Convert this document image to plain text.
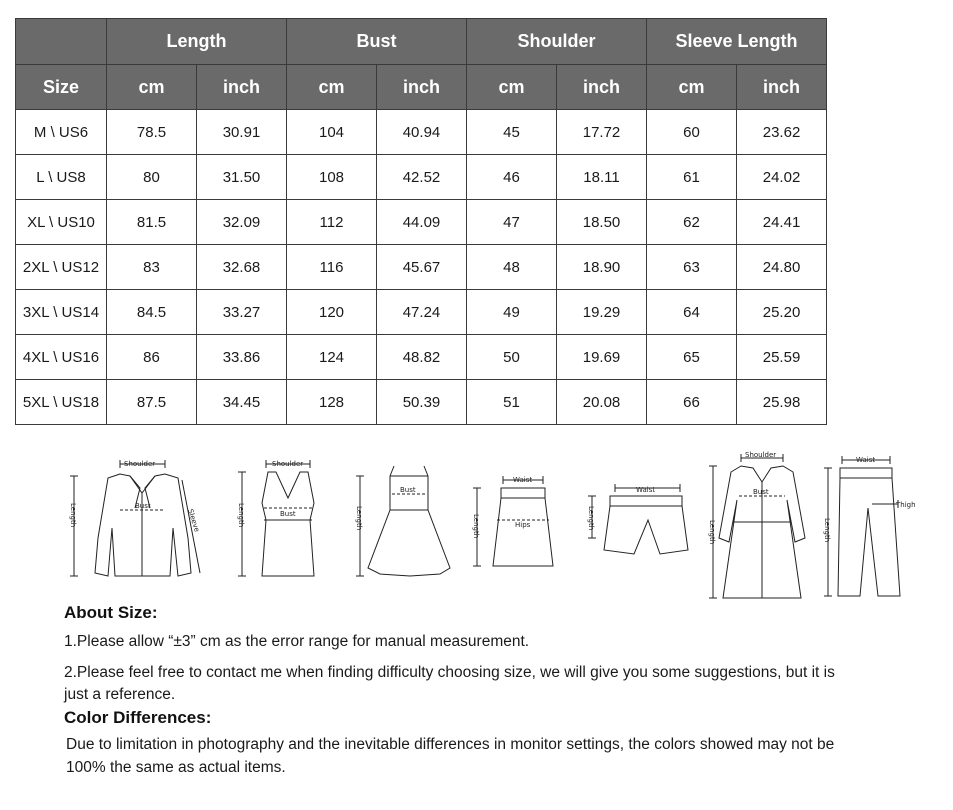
	Length		Bust		Shoulder		Sleeve Length	
Size	cm	inch	cm	inch	cm	inch	cm	inch
M \ US6	78.5	30.91	104	40.94	45	17.72	60	23.62
L \ US8	80	31.50	108	42.52	46	18.11	61	24.02
XL \ US10	81.5	32.09	112	44.09	47	18.50	62	24.41
2XL \ US12	83	32.68	116	45.67	48	18.90	63	24.80
3XL \ US14	84.5	33.27	120	47.24	49	19.29	64	25.20
4XL \ US16	86	33.86	124	48.82	50	19.69	65	25.59
5XL \ US18	87.5	34.45	128	50.39	51	20.08	66	25.98
Shoulder
Bust
Length	Sleeve
Shoulder
Bust
Length
Bust
Length
Waist
Hips
Length
Waist
Length
Shoulder
Bust
Length
Waist
Thigh
Length
About Size:
1.Please allow “±3” cm as the error range for manual measurement.
2.Please feel free to contact me when finding difficulty choosing size, we will give you some suggestions, but it is
just a reference.
Color Differences:
Due to limitation in photography and the inevitable differences in monitor settings, the colors showed may not be
100% the same as actual items.
